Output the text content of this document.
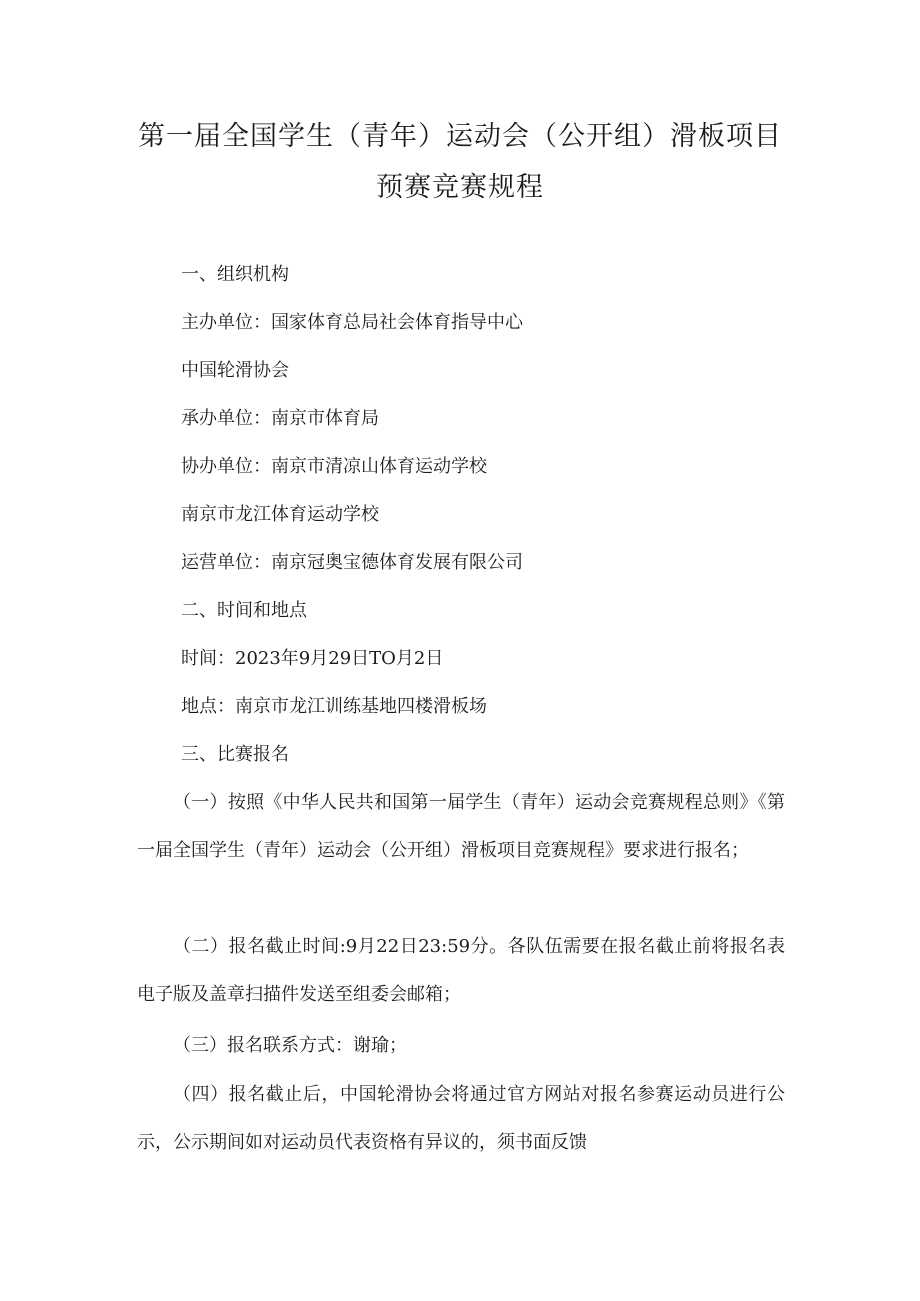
第一届全国学生（青年）运动会（公开组）滑板项目
预赛竞赛规程
一、组织机构
主办单位：国家体育总局社会体育指导中心
中国轮滑协会
承办单位：南京市体育局
协办单位：南京市清凉山体育运动学校
南京市龙江体育运动学校
运营单位：南京冠奥宝德体育发展有限公司
二、时间和地点
时间：2023年9月29日TO月2日
地点：南京市龙江训练基地四楼滑板场
三、比赛报名
（一）按照《中华人民共和国第一届学生（青年）运动会竞赛规程总则》《第一届全国学生（青年）运动会（公开组）滑板项目竞赛规程》要求进行报名；
（二）报名截止时间:9月22日23:59分。各队伍需要在报名截止前将报名表电子版及盖章扫描件发送至组委会邮箱；
（三）报名联系方式：谢瑜；
（四）报名截止后，中国轮滑协会将通过官方网站对报名参赛运动员进行公示，公示期间如对运动员代表资格有异议的，须书面反馈
